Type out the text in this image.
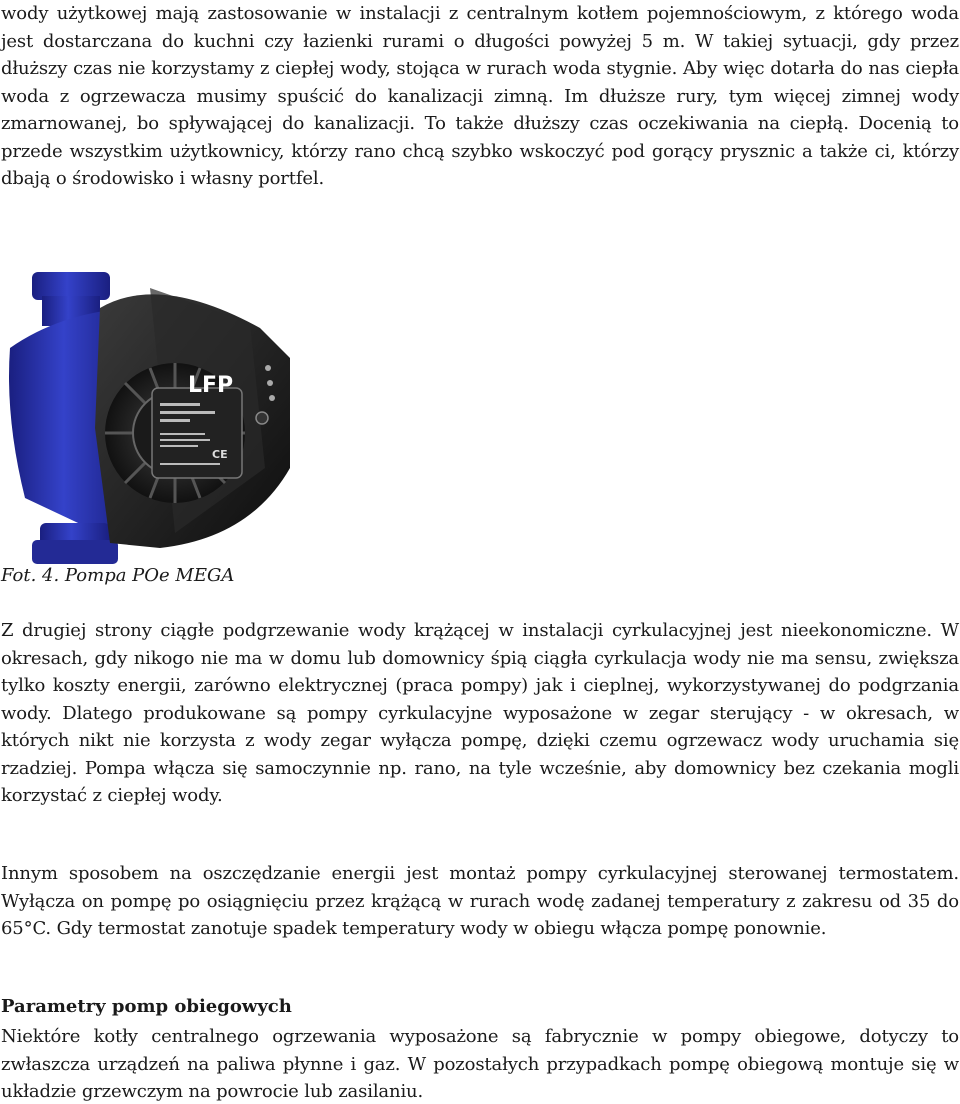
wody użytkowej mają zastosowanie w instalacji z centralnym kotłem pojemnościowym, z którego woda jest dostarczana do kuchni czy łazienki rurami o długości powyżej 5 m. W takiej sytuacji, gdy przez dłuższy czas nie korzystamy z ciepłej wody, stojąca w rurach woda stygnie. Aby więc dotarła do nas ciepła woda z ogrzewacza musimy spuścić do kanalizacji zimną. Im dłuższe rury, tym więcej zimnej wody zmarnowanej, bo spływającej do kanalizacji. To także dłuższy czas oczekiwania na ciepłą. Docenią to przede wszystkim użytkownicy, którzy rano chcą szybko wskoczyć pod gorący prysznic a także ci, którzy dbają o środowisko i własny portfel.

LFP
CE

Fot. 4. Pompa POe MEGA

Z drugiej strony ciągłe podgrzewanie wody krążącej w instalacji cyrkulacyjnej jest nieekonomiczne. W okresach, gdy nikogo nie ma w domu lub domownicy śpią ciągła cyrkulacja wody nie ma sensu, zwiększa tylko koszty energii, zarówno elektrycznej (praca pompy) jak i cieplnej, wykorzystywanej do podgrzania wody. Dlatego produkowane są pompy cyrkulacyjne wyposażone w zegar sterujący - w okresach, w których nikt nie korzysta z wody zegar wyłącza pompę, dzięki czemu ogrzewacz wody uruchamia się rzadziej. Pompa włącza się samoczynnie np. rano, na tyle wcześnie, aby domownicy bez czekania mogli korzystać z ciepłej wody.

Innym sposobem na oszczędzanie energii jest montaż pompy cyrkulacyjnej sterowanej termostatem. Wyłącza on pompę po osiągnięciu przez krążącą w rurach wodę zadanej temperatury z zakresu od 35 do 65°C. Gdy termostat zanotuje spadek temperatury wody w obiegu włącza pompę ponownie.

Parametry pomp obiegowych

Niektóre kotły centralnego ogrzewania wyposażone są fabrycznie w pompy obiegowe, dotyczy to zwłaszcza urządzeń na paliwa płynne i gaz. W pozostałych przypadkach pompę obiegową montuje się w układzie grzewczym na powrocie lub zasilaniu.
